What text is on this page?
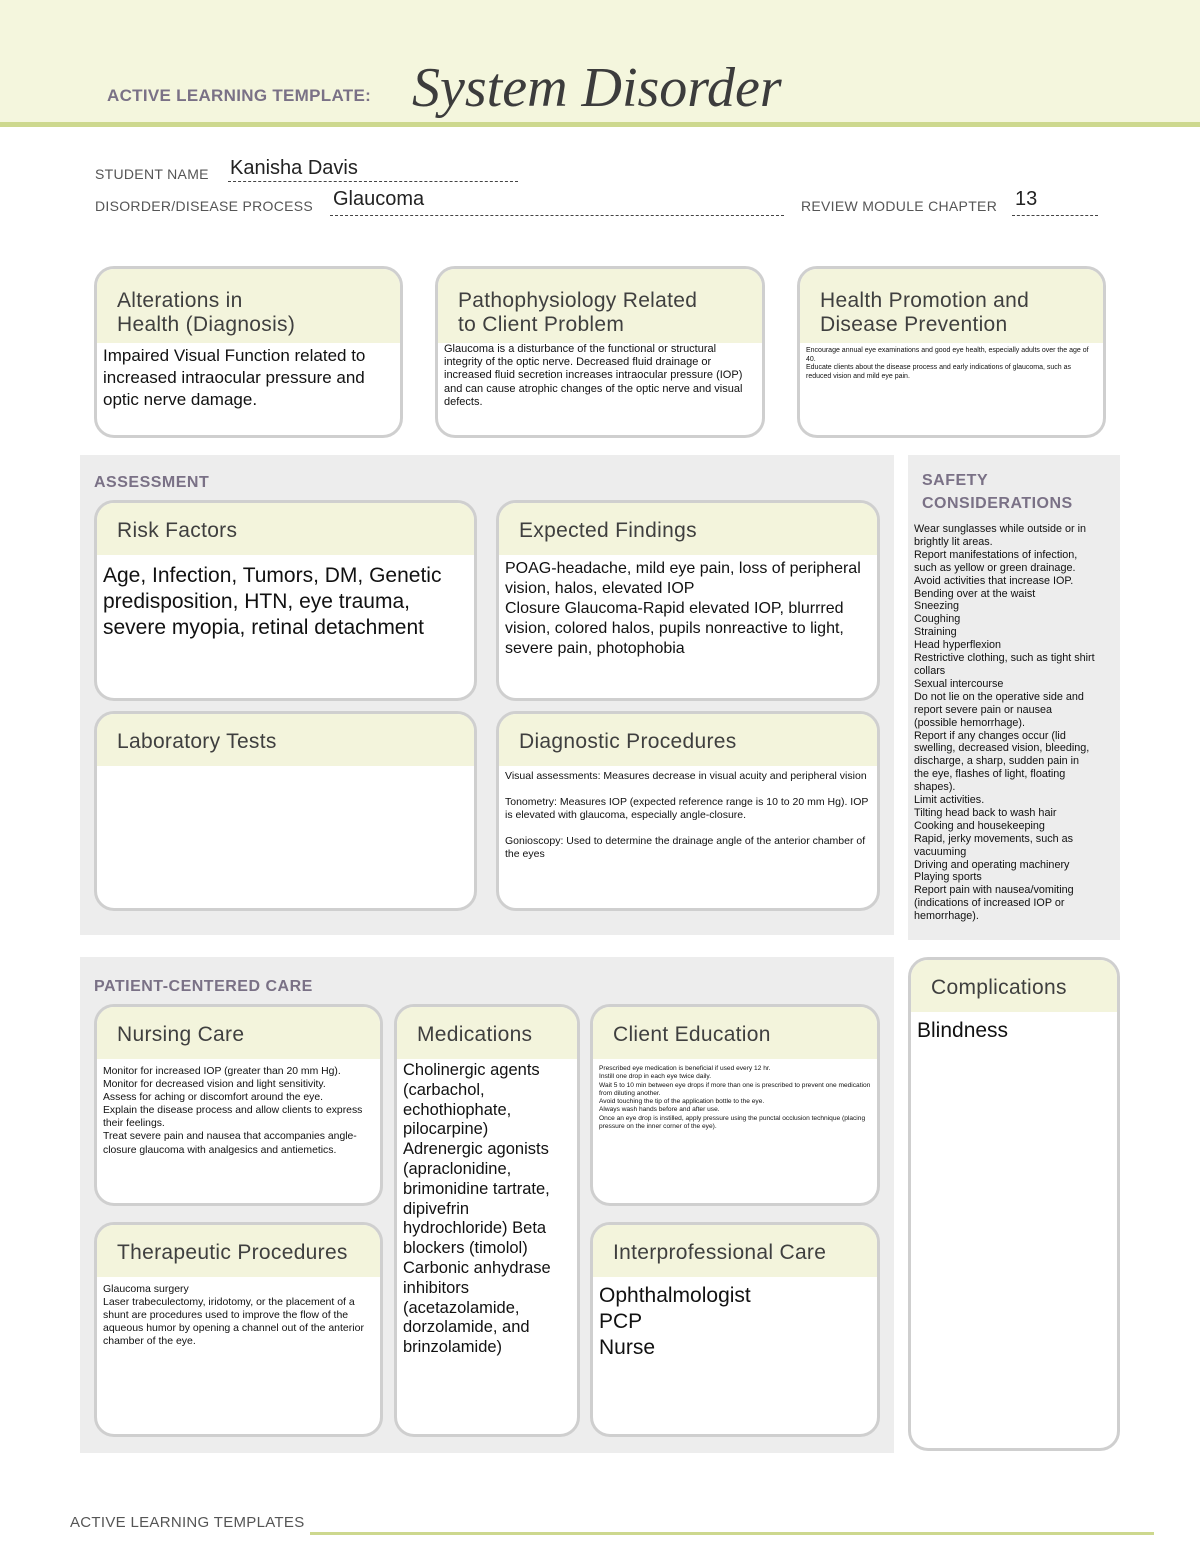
ACTIVE LEARNING TEMPLATE: System Disorder
STUDENT NAME Kanisha Davis
DISORDER/DISEASE PROCESS Glaucoma	REVIEW MODULE CHAPTER 13
Alterations in
Health (Diagnosis)
Impaired Visual Function related to increased intraocular pressure and optic nerve damage.
Pathophysiology Related
to Client Problem
Glaucoma is a disturbance of the functional or structural integrity of the optic nerve. Decreased fluid drainage or increased fluid secretion increases intraocular pressure (IOP) and can cause atrophic changes of the optic nerve and visual defects.
Health Promotion and
Disease Prevention
Encourage annual eye examinations and good eye health, especially adults over the age of 40.
Educate clients about the disease process and early indications of glaucoma, such as reduced vision and mild eye pain.
ASSESSMENT
Risk Factors
Age, Infection, Tumors, DM, Genetic predisposition, HTN, eye trauma, severe myopia, retinal detachment
Expected Findings
POAG-headache, mild eye pain, loss of peripheral vision, halos, elevated IOP
Closure Glaucoma-Rapid elevated IOP, blurrred vision, colored halos, pupils nonreactive to light, severe pain, photophobia
Laboratory Tests	Diagnostic Procedures
Visual assessments: Measures decrease in visual acuity and peripheral vision
Tonometry: Measures IOP (expected reference range is 10 to 20 mm Hg). IOP is elevated with glaucoma, especially angle-closure.
Gonioscopy: Used to determine the drainage angle of the anterior chamber of the eyes
SAFETY
CONSIDERATIONS
Wear sunglasses while outside or in
brightly lit areas.
Report manifestations of infection,
such as yellow or green drainage.
Avoid activities that increase IOP.
Bending over at the waist
Sneezing
Coughing
Straining
Head hyperflexion
Restrictive clothing, such as tight shirt
collars
Sexual intercourse
Do not lie on the operative side and
report severe pain or nausea
(possible hemorrhage).
Report if any changes occur (lid
swelling, decreased vision, bleeding,
discharge, a sharp, sudden pain in
the eye, flashes of light, floating
shapes).
Limit activities.
Tilting head back to wash hair
Cooking and housekeeping
Rapid, jerky movements, such as
vacuuming
Driving and operating machinery
Playing sports
Report pain with nausea/vomiting
(indications of increased IOP or
hemorrhage).
Complications
Blindness
PATIENT-CENTERED CARE
Nursing Care
Monitor for increased IOP (greater than 20 mm Hg).
Monitor for decreased vision and light sensitivity.
Assess for aching or discomfort around the eye.
Explain the disease process and allow clients to express their feelings.
Treat severe pain and nausea that accompanies angle-closure glaucoma with analgesics and antiemetics.
Medications
Cholinergic agents (carbachol, echothiophate, pilocarpine) Adrenergic agonists (apraclonidine, brimonidine tartrate, dipivefrin hydrochloride) Beta blockers (timolol) Carbonic anhydrase inhibitors (acetazolamide, dorzolamide, and brinzolamide)
Client Education
Prescribed eye medication is beneficial if used every 12 hr.
Instill one drop in each eye twice daily.
Wait 5 to 10 min between eye drops if more than one is prescribed to prevent one medication from diluting another.
Avoid touching the tip of the application bottle to the eye.
Always wash hands before and after use.
Once an eye drop is instilled, apply pressure using the punctal occlusion technique (placing pressure on the inner corner of the eye).
Therapeutic Procedures
Glaucoma surgery
Laser trabeculectomy, iridotomy, or the placement of a shunt are procedures used to improve the flow of the aqueous humor by opening a channel out of the anterior chamber of the eye.
Interprofessional Care
Ophthalmologist
PCP
Nurse
ACTIVE LEARNING TEMPLATES
